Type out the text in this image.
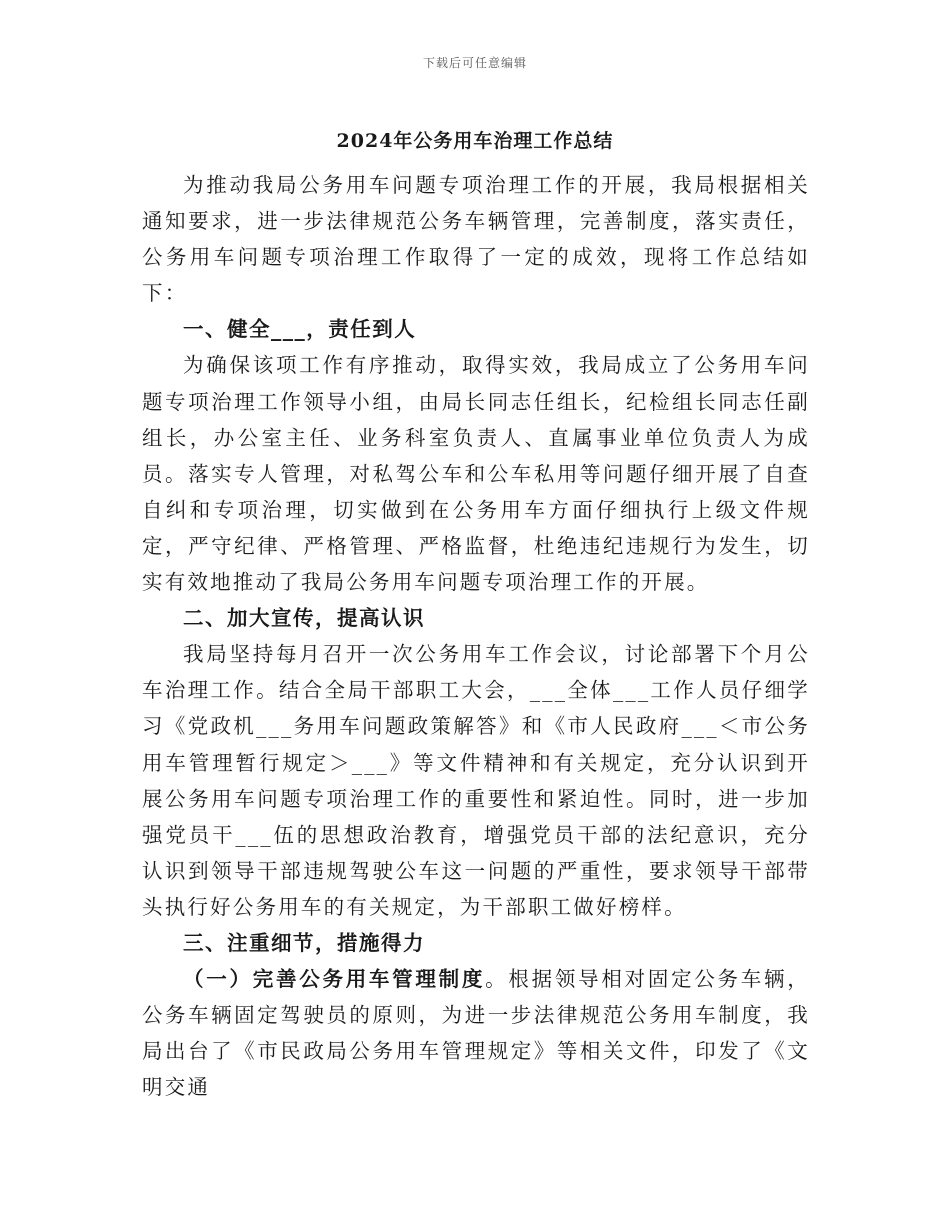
下载后可任意编辑
2024年公务用车治理工作总结

为推动我局公务用车问题专项治理工作的开展，我局根据相关通知要求，进一步法律规范公务车辆管理，完善制度，落实责任，公务用车问题专项治理工作取得了一定的成效，现将工作总结如下：

一、健全___，责任到人

为确保该项工作有序推动，取得实效，我局成立了公务用车问题专项治理工作领导小组，由局长同志任组长，纪检组长同志任副组长，办公室主任、业务科室负责人、直属事业单位负责人为成员。落实专人管理，对私驾公车和公车私用等问题仔细开展了自查自纠和专项治理，切实做到在公务用车方面仔细执行上级文件规定，严守纪律、严格管理、严格监督，杜绝违纪违规行为发生，切实有效地推动了我局公务用车问题专项治理工作的开展。

二、加大宣传，提高认识

我局坚持每月召开一次公务用车工作会议，讨论部署下个月公车治理工作。结合全局干部职工大会，___全体___工作人员仔细学习《党政机___务用车问题政策解答》和《市人民政府___＜市公务用车管理暂行规定＞___》等文件精神和有关规定，充分认识到开展公务用车问题专项治理工作的重要性和紧迫性。同时，进一步加强党员干___伍的思想政治教育，增强党员干部的法纪意识，充分认识到领导干部违规驾驶公车这一问题的严重性，要求领导干部带头执行好公务用车的有关规定，为干部职工做好榜样。

三、注重细节，措施得力

（一）完善公务用车管理制度。根据领导相对固定公务车辆，公务车辆固定驾驶员的原则，为进一步法律规范公务用车制度，我局出台了《市民政局公务用车管理规定》等相关文件，印发了《文明交通
